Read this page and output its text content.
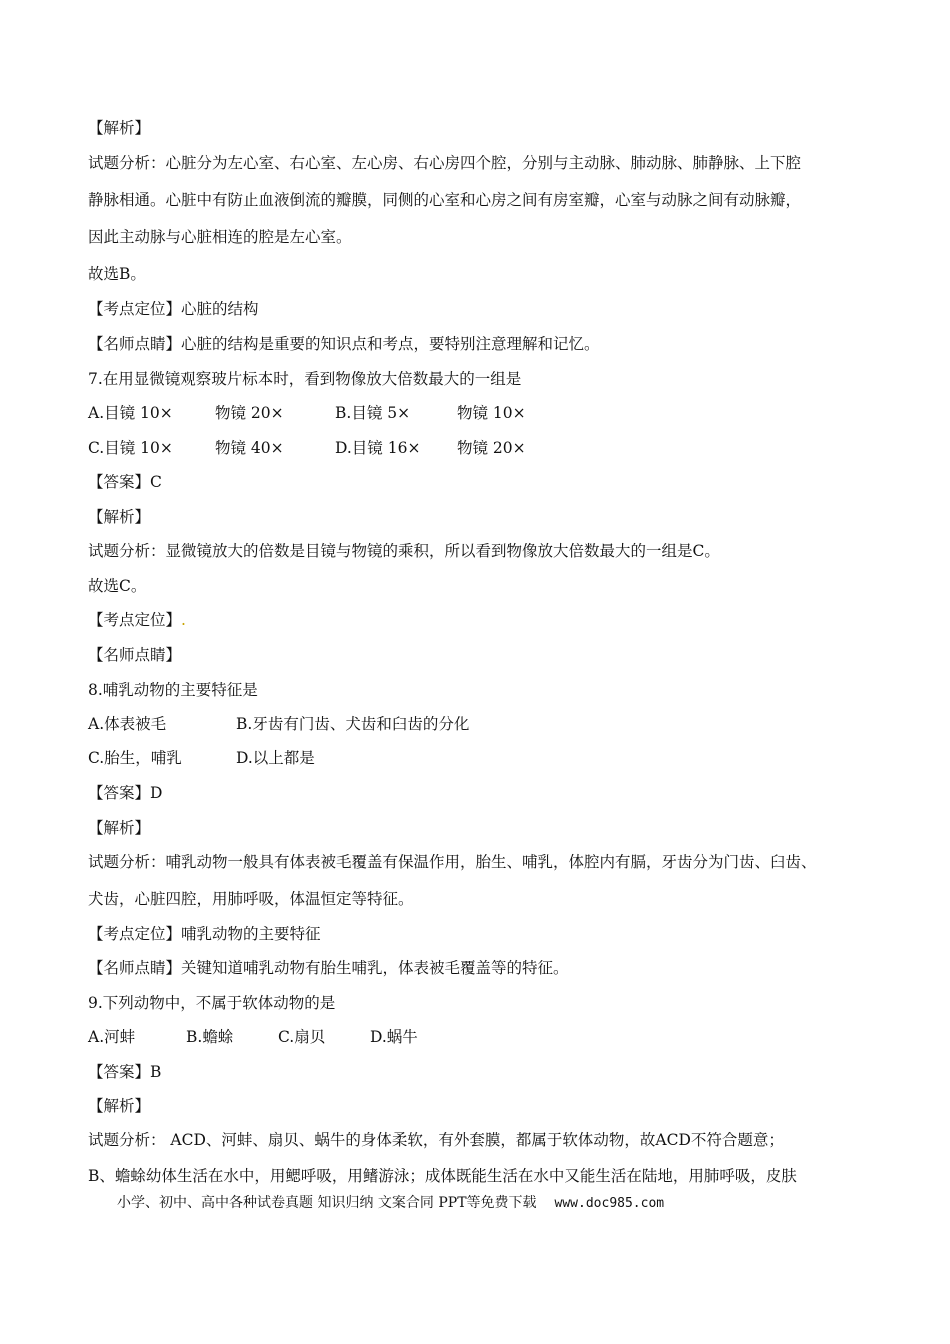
【解析】
试题分析：心脏分为左心室、右心室、左心房、右心房四个腔，分别与主动脉、肺动脉、肺静脉、上下腔
静脉相通。心脏中有防止血液倒流的瓣膜，同侧的心室和心房之间有房室瓣，心室与动脉之间有动脉瓣，
因此主动脉与心脏相连的腔是左心室。
故选B。
【考点定位】心脏的结构
【名师点睛】心脏的结构是重要的知识点和考点，要特别注意理解和记忆。
7.在用显微镜观察玻片标本时，看到物像放大倍数最大的一组是
A.目镜 10×	物镜 20×	B.目镜 5×	物镜 10×
C.目镜 10×	物镜 40×	D.目镜 16× 物镜 20×
【答案】C
【解析】
试题分析：显微镜放大的倍数是目镜与物镜的乘积，所以看到物像放大倍数最大的一组是C。
故选C。
【考点定位】.
【名师点睛】
8.哺乳动物的主要特征是
A.体表被毛	B.牙齿有门齿、犬齿和臼齿的分化
C.胎生，哺乳	D.以上都是
【答案】D
【解析】
试题分析：哺乳动物一般具有体表被毛覆盖有保温作用，胎生、哺乳，体腔内有膈，牙齿分为门齿、臼齿、
犬齿，心脏四腔，用肺呼吸，体温恒定等特征。
【考点定位】哺乳动物的主要特征
【名师点睛】关键知道哺乳动物有胎生哺乳，体表被毛覆盖等的特征。
9.下列动物中，不属于软体动物的是
A.河蚌	B.蟾蜍	C.扇贝	D.蜗牛
【答案】B
【解析】
试题分析： ACD、河蚌、扇贝、蜗牛的身体柔软，有外套膜，都属于软体动物，故ACD不符合题意；
B、蟾蜍幼体生活在水中，用鳃呼吸，用鳍游泳；成体既能生活在水中又能生活在陆地，用肺呼吸，皮肤
小学、初中、高中各种试卷真题 知识归纳 文案合同 PPT等免费下载 www.doc985.com
